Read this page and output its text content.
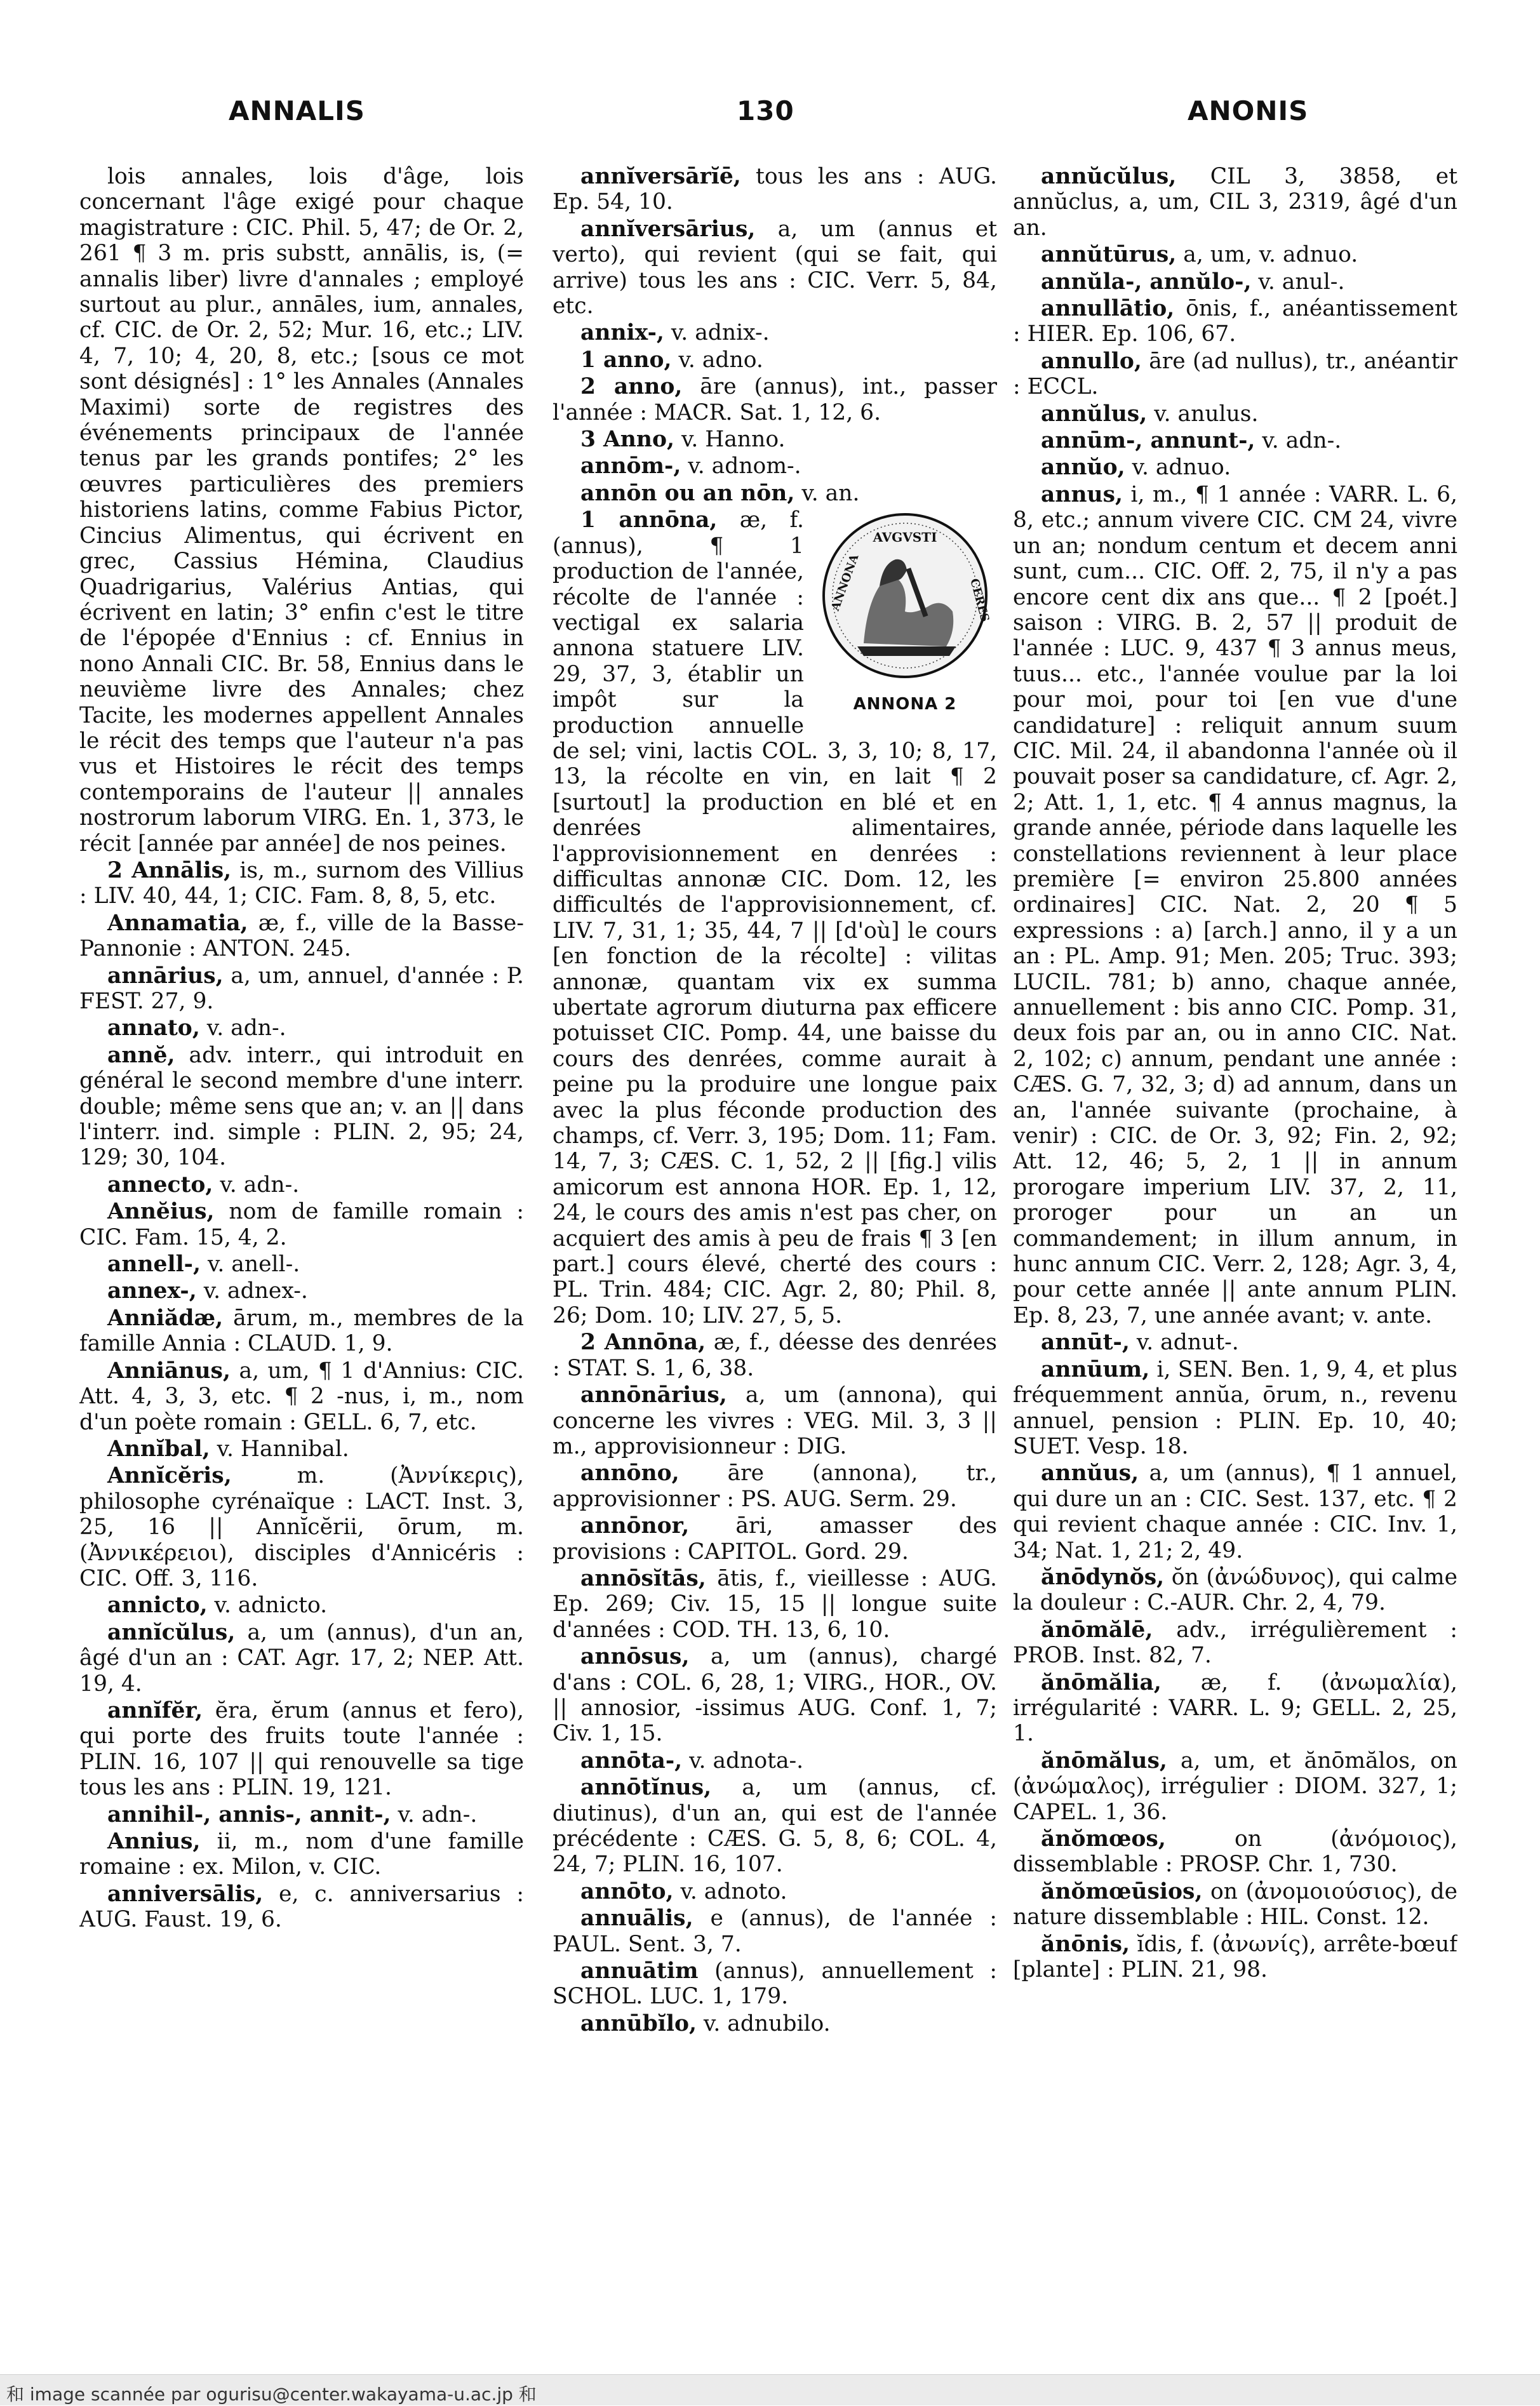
ANNALIS	130	ANONIS

lois annales, lois d'âge, lois concernant l'âge exigé pour chaque magistrature : CIC. Phil. 5, 47; de Or. 2, 261 ¶ 3 m. pris substt, annālis, is, (= annalis liber) livre d'annales ; employé surtout au plur., annāles, ium, annales, cf. CIC. de Or. 2, 52; Mur. 16, etc.; LIV. 4, 7, 10; 4, 20, 8, etc.; [sous ce mot sont désignés] : 1° les Annales (Annales Maximi) sorte de registres des événements principaux de l'année tenus par les grands pontifes; 2° les œuvres particulières des premiers historiens latins, comme Fabius Pictor, Cincius Alimentus, qui écrivent en grec, Cassius Hémina, Claudius Quadrigarius, Valérius Antias, qui écrivent en latin; 3° enfin c'est le titre de l'épopée d'Ennius : cf. Ennius in nono Annali CIC. Br. 58, Ennius dans le neuvième livre des Annales; chez Tacite, les modernes appellent Annales le récit des temps que l'auteur n'a pas vus et Histoires le récit des temps contemporains de l'auteur || annales nostrorum laborum VIRG. En. 1, 373, le récit [année par année] de nos peines.

2 Annālis, is, m., surnom des Villius : LIV. 40, 44, 1; CIC. Fam. 8, 8, 5, etc.

Annamatia, æ, f., ville de la Basse-Pannonie : ANTON. 245.

annārius, a, um, annuel, d'année : P. FEST. 27, 9.

annato, v. adn-.

annĕ, adv. interr., qui introduit en général le second membre d'une interr. double; même sens que an; v. an || dans l'interr. ind. simple : PLIN. 2, 95; 24, 129; 30, 104.

annecto, v. adn-.

Annĕius, nom de famille romain : CIC. Fam. 15, 4, 2.

annell-, v. anell-.

annex-, v. adnex-.

Anniădæ, ārum, m., membres de la famille Annia : CLAUD. 1, 9.

Anniānus, a, um, ¶ 1 d'Annius: CIC. Att. 4, 3, 3, etc. ¶ 2 -nus, i, m., nom d'un poète romain : GELL. 6, 7, etc.

Annĭbal, v. Hannibal.

Annĭcĕris, m. (Ἀννίκερις), philosophe cyrénaïque : LACT. Inst. 3, 25, 16 || Annĭcĕrii, ōrum, m. (Ἀννικέρειοι), disciples d'Annicéris : CIC. Off. 3, 116.

annicto, v. adnicto.

annĭcŭlus, a, um (annus), d'un an, âgé d'un an : CAT. Agr. 17, 2; NEP. Att. 19, 4.

annĭfĕr, ĕra, ĕrum (annus et fero), qui porte des fruits toute l'année : PLIN. 16, 107 || qui renouvelle sa tige tous les ans : PLIN. 19, 121.

annihil-, annis-, annit-, v. adn-.

Annius, ii, m., nom d'une famille romaine : ex. Milon, v. CIC.

anniversālis, e, c. anniversarius : AUG. Faust. 19, 6.

annĭversārĭē, tous les ans : AUG. Ep. 54, 10.

annĭversārius, a, um (annus et verto), qui revient (qui se fait, qui arrive) tous les ans : CIC. Verr. 5, 84, etc.

annix-, v. adnix-.

1 anno, v. adno.

2 anno, āre (annus), int., passer l'année : MACR. Sat. 1, 12, 6.

3 Anno, v. Hanno.

annōm-, v. adnom-.

annōn ou an nōn, v. an.

AVGVSTI
ANNONA	CERES
ANNONA 2

1 annōna, æ, f. (annus), ¶ 1 production de l'année, récolte de l'année : vectigal ex salaria annona statuere LIV. 29, 37, 3, établir un impôt sur la production annuelle de sel; vini, lactis COL. 3, 3, 10; 8, 17, 13, la récolte en vin, en lait ¶ 2 [surtout] la production en blé et en denrées alimentaires, l'approvisionnement en denrées : difficultas annonæ CIC. Dom. 12, les difficultés de l'approvisionnement, cf. LIV. 7, 31, 1; 35, 44, 7 || [d'où] le cours [en fonction de la récolte] : vilitas annonæ, quantam vix ex summa ubertate agrorum diuturna pax efficere potuisset CIC. Pomp. 44, une baisse du cours des denrées, comme aurait à peine pu la produire une longue paix avec la plus féconde production des champs, cf. Verr. 3, 195; Dom. 11; Fam. 14, 7, 3; CÆS. C. 1, 52, 2 || [fig.] vilis amicorum est annona HOR. Ep. 1, 12, 24, le cours des amis n'est pas cher, on acquiert des amis à peu de frais ¶ 3 [en part.] cours élevé, cherté des cours : PL. Trin. 484; CIC. Agr. 2, 80; Phil. 8, 26; Dom. 10; LIV. 27, 5, 5.

2 Annōna, æ, f., déesse des denrées : STAT. S. 1, 6, 38.

annōnārius, a, um (annona), qui concerne les vivres : VEG. Mil. 3, 3 || m., approvisionneur : DIG.

annōno, āre (annona), tr., approvisionner : PS. AUG. Serm. 29.

annōnor, āri, amasser des provisions : CAPITOL. Gord. 29.

annōsĭtās, ātis, f., vieillesse : AUG. Ep. 269; Civ. 15, 15 || longue suite d'années : COD. TH. 13, 6, 10.

annōsus, a, um (annus), chargé d'ans : COL. 6, 28, 1; VIRG., HOR., OV. || annosior, -issimus AUG. Conf. 1, 7; Civ. 1, 15.

annōta-, v. adnota-.

annōtĭnus, a, um (annus, cf. diutinus), d'un an, qui est de l'année précédente : CÆS. G. 5, 8, 6; COL. 4, 24, 7; PLIN. 16, 107.

annōto, v. adnoto.

annuālis, e (annus), de l'année : PAUL. Sent. 3, 7.

annuātim (annus), annuellement : SCHOL. LUC. 1, 179.

annūbĭlo, v. adnubilo.

annŭcŭlus, CIL 3, 3858, et annŭclus, a, um, CIL 3, 2319, âgé d'un an.

annŭtūrus, a, um, v. adnuo.

annŭla-, annŭlo-, v. anul-.

annullātio, ōnis, f., anéantissement : HIER. Ep. 106, 67.

annullo, āre (ad nullus), tr., anéantir : ECCL.

annŭlus, v. anulus.

annūm-, annunt-, v. adn-.

annŭo, v. adnuo.

annus, i, m., ¶ 1 année : VARR. L. 6, 8, etc.; annum vivere CIC. CM 24, vivre un an; nondum centum et decem anni sunt, cum... CIC. Off. 2, 75, il n'y a pas encore cent dix ans que... ¶ 2 [poét.] saison : VIRG. B. 2, 57 || produit de l'année : LUC. 9, 437 ¶ 3 annus meus, tuus... etc., l'année voulue par la loi pour moi, pour toi [en vue d'une candidature] : reliquit annum suum CIC. Mil. 24, il abandonna l'année où il pouvait poser sa candidature, cf. Agr. 2, 2; Att. 1, 1, etc. ¶ 4 annus magnus, la grande année, période dans laquelle les constellations reviennent à leur place première [= environ 25.800 années ordinaires] CIC. Nat. 2, 20 ¶ 5 expressions : a) [arch.] anno, il y a un an : PL. Amp. 91; Men. 205; Truc. 393; LUCIL. 781; b) anno, chaque année, annuellement : bis anno CIC. Pomp. 31, deux fois par an, ou in anno CIC. Nat. 2, 102; c) annum, pendant une année : CÆS. G. 7, 32, 3; d) ad annum, dans un an, l'année suivante (prochaine, à venir) : CIC. de Or. 3, 92; Fin. 2, 92; Att. 12, 46; 5, 2, 1 || in annum prorogare imperium LIV. 37, 2, 11, proroger pour un an un commandement; in illum annum, in hunc annum CIC. Verr. 2, 128; Agr. 3, 4, pour cette année || ante annum PLIN. Ep. 8, 23, 7, une année avant; v. ante.

annūt-, v. adnut-.

annūum, i, SEN. Ben. 1, 9, 4, et plus fréquemment annŭa, ōrum, n., revenu annuel, pension : PLIN. Ep. 10, 40; SUET. Vesp. 18.

annŭus, a, um (annus), ¶ 1 annuel, qui dure un an : CIC. Sest. 137, etc. ¶ 2 qui revient chaque année : CIC. Inv. 1, 34; Nat. 1, 21; 2, 49.

ănōdynŏs, ŏn (ἀνώδυνος), qui calme la douleur : C.-AUR. Chr. 2, 4, 79.

ănōmălē, adv., irrégulièrement : PROB. Inst. 82, 7.

ănōmălia, æ, f. (ἀνωμαλία), irrégularité : VARR. L. 9; GELL. 2, 25, 1.

ănōmălus, a, um, et ănōmălos, on (ἀνώμαλος), irrégulier : DIOM. 327, 1; CAPEL. 1, 36.

ănŏmœos, on (ἀνόμοιος), dissemblable : PROSP. Chr. 1, 730.

ănŏmœūsios, on (ἀνομοιούσιος), de nature dissemblable : HIL. Const. 12.

ănōnis, ĭdis, f. (ἀνωνίς), arrête-bœuf [plante] : PLIN. 21, 98.

和 image scannée par ogurisu@center.wakayama-u.ac.jp 和
